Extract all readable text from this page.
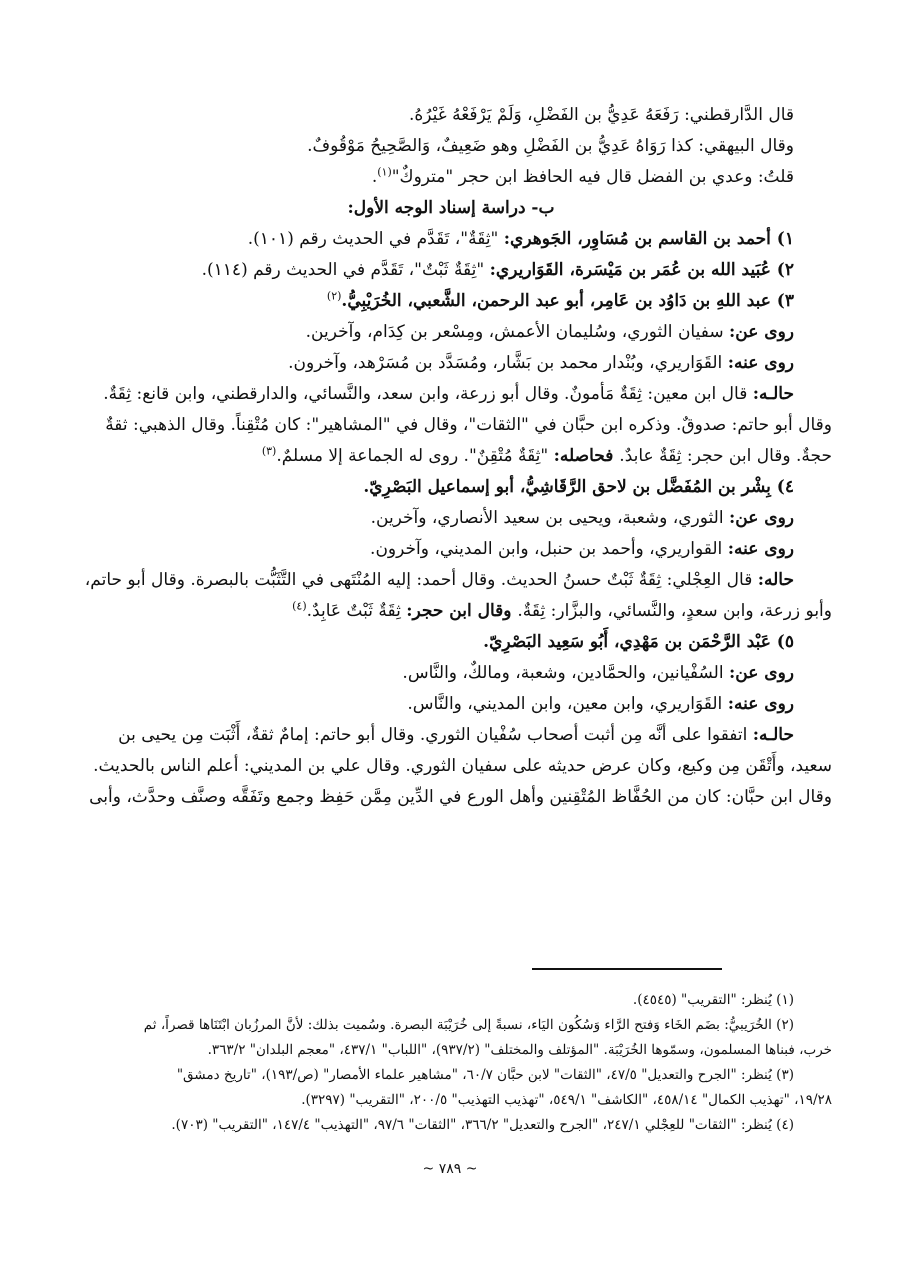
قال الدَّارقطني: رَفَعَهُ عَدِيُّ بن الفَضْلِ، وَلَمْ يَرْفَعْهُ غَيْرُهُ.

وقال البيهقي: كذا رَوَاهُ عَدِيُّ بن الفَضْلِ وهو ضَعِيفٌ، وَالصَّحِيحُ مَوْقُوفٌ.

قلتُ: وعدي بن الفضل قال فيه الحافظ ابن حجر "متروكٌ"$^{(١)}$.

ب- دراسة إسناد الوجه الأول:

١) أحمد بن القاسم بن مُسَاوِر، الجَوهري: "ثِقَةٌ"، تَقَدَّم في الحديث رقم (١٠١).

٢) عُبَيد الله بن عُمَر بن مَيْسَرة، القَوَاريري: "ثِقَةٌ ثَبْتٌ"، تَقَدَّم في الحديث رقم (١١٤).

٣) عبد اللهِ بن دَاوُد بن عَامِر، أبو عبد الرحمن، الشَّعبي، الخُرَيْبِيُّ.$^{(٢)}$

روى عن: سفيان الثوري، وسُليمان الأعمش، ومِسْعر بن كِدَام، وآخرين.

روى عنه: القَوَاريري، وبُنْدار محمد بن بَشَّار، ومُسَدَّد بن مُسَرْهد، وآخرون.

حالـه: قال ابن معين: ثِقَةٌ مَأمونٌ. وقال أبو زرعة، وابن سعد، والنَّسائي، والدارقطني، وابن قانع: ثِقَةٌ.

وقال أبو حاتم: صدوقٌ. وذكره ابن حبَّان في "الثقات"، وقال في "المشاهير": كان مُتْقِناً. وقال الذهبي: ثقةٌ

حجةٌ. وقال ابن حجر: ثِقَةٌ عابدٌ. فحاصله: "ثِقَةٌ مُتْقِنٌ". روى له الجماعة إلا مسلمٌ.$^{(٣)}$

٤) بِشْر بن المُفَضَّل بن لاحق الرَّقَاشِيُّ، أبو إسماعيل البَصْرِيّ.

روى عن: الثوري، وشعبة، ويحيى بن سعيد الأنصاري، وآخرين.

روى عنه: القواريري، وأحمد بن حنبل، وابن المديني، وآخرون.

حاله: قال العِجْلي: ثِقَةٌ ثَبْتٌ حسنُ الحديث. وقال أحمد: إليه المُنْتَهى في التَّثَبُّت بالبصرة. وقال أبو حاتم،

وأبو زرعة، وابن سعدٍ، والنَّسائي، والبزَّار: ثِقَةٌ. وقال ابن حجر: ثِقَةٌ ثَبْتٌ عَابِدٌ.$^{(٤)}$

٥) عَبْد الرَّحْمَن بن مَهْدِي، أَبُو سَعِيد البَصْرِيّ.

روى عن: السُفْيانين، والحمَّادين، وشعبة، ومالكٌ، والنَّاس.

روى عنه: القَوَاريري، وابن معين، وابن المديني، والنَّاس.

حالـه: اتفقوا على أنَّه مِن أثبت أصحاب سُفْيان الثوري. وقال أبو حاتم: إمامٌ ثقةٌ، أَثْبَت مِن يحيى بن

سعيد، وأَتْقَن مِن وكيع، وكان عرض حديثه على سفيان الثوري. وقال علي بن المديني: أعلم الناس بالحديث.

وقال ابن حبَّان: كان من الحُفَّاظ المُتْقِنين وأهل الورع في الدِّين مِمَّن حَفِظ وجمع وتَفَقَّه وصنَّف وحدَّث، وأبى

(١) يُنظر: "التقريب" (٤٥٤٥).

(٢) الخُرَيبيُّ: بضَم الخَاء وَفتح الرَّاء وَسُكُون اليَاء، نسبةً إلى خُرَيْبَة البصرة. وسُميت بذلك: لأنَّ المرزُبان ابْتَنَاها قصراً، ثم

خرب، فبناها المسلمون، وسمّوها الخُرَيْبَة. "المؤتلف والمختلف" (٩٣٧/٢)، "اللباب" ٤٣٧/١، "معجم البلدان" ٣٦٣/٢.

(٣) يُنظر: "الجرح والتعديل" ٤٧/٥، "الثقات" لابن حبَّان ٦٠/٧، "مشاهير علماء الأمصار" (ص/١٩٣)، "تاريخ دمشق"

١٩/٢٨، "تهذيب الكمال" ٤٥٨/١٤، "الكاشف" ٥٤٩/١، "تهذيب التهذيب" ٢٠٠/٥، "التقريب" (٣٢٩٧).

(٤) يُنظر: "الثقات" للعِجْلي ٢٤٧/١، "الجرح والتعديل" ٣٦٦/٢، "الثقات" ٩٧/٦، "التهذيب" ١٤٧/٤، "التقريب" (٧٠٣).

~ ٧٨٩ ~
